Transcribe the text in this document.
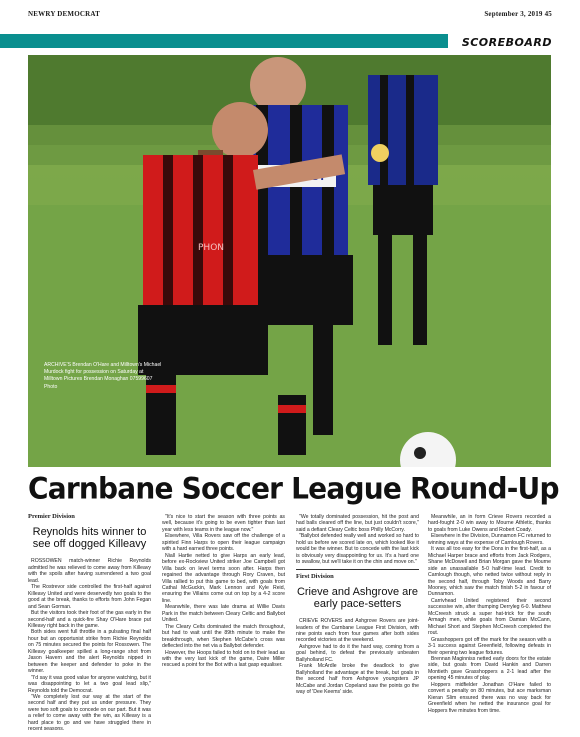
NEWRY DEMOCRAT	September 3, 2019 45
SCOREBOARD
PHON
ARCHIVE'S Brendan O'Hare and Milltown's Michael Murdock fight for possession on Saturday at Milltown Pictures Brendan Monaghan 07599607 Photo
Carnbane Soccer League Round-Up
Premier Division
Reynolds hits winner to see off dogged Killeavy

ROSSOWEN match-winner Richie Reynolds admitted he was relieved to come away from Killeavy with the spoils after having surrendered a two goal lead.

The Rostrevor side controlled the first-half against Killeavy United and were deservedly two goals to the good at the break, thanks to efforts from John Fegan and Sean Gorman.

But the visitors took their foot of the gas early in the second-half and a quick-fire Shay O'Hare brace put Killeavy right back in the game.

Both sides went full throttle in a pulsating final half hour but an opportunist strike from Richie Reynolds on 75 minutes secured the points for Rossowen. The Killeavy goalkeeper spilled a long-range shot from Jason Havern and the alert Reynolds nipped in between the keeper and defender to poke in the winner.

"I'd say it was good value for anyone watching, but it was disappointing to let a two goal lead slip," Reynolds told the Democrat.

"We completely lost our way at the start of the second half and they put us under pressure. They were two soft goals to concede on our part. But it was a relief to come away with the win, as Killeavy is a hard place to go and we have struggled there in recent seasons.

"It's nice to start the season with three points as well, because it's going to be even tighter than last year with less teams in the league now."

Elsewhere, Villa Rovers saw off the challenge of a spirited Finn Harps to open their league campaign with a hard earned three points.

Niall Hartie netted to give Harps an early lead, before ex-Rockview United striker Joe Campbell got Villa back on level terms soon after. Harps then regained the advantage through Rory Craven, but Villa rallied to put this game to bed, with goals from Cathal McGuckin, Mark Lennon and Kyle Reid, ensuring the Villains come out on top by a 4-2 score line.

Meanwhile, there was late drama at Willie Davis Park in the match between Cleary Celtic and Ballybot United.

The Cleary Celts dominated the match throughout, but had to wait until the 89th minute to make the breakthrough, when Stephen McCabe's cross was deflected into the net via a Ballybot defender.

However, the Hoops failed to hold on to their lead as with the very last kick of the game, Daire Miller rescued a point for the Bot with a last gasp equaliser.

"We totally dominated possession, hit the post and had balls cleared off the line, but just couldn't score," said a defiant Cleary Celtic boss Philly McCorry.

"Ballybot defended really well and worked so hard to hold us before we scored late on, which looked like it would be the winner. But to concede with the last kick is obviously very disappointing for us. It's a hard one to swallow, but we'll take it on the chin and move on."

First Division
Crieve and Ashgrove are early pace-setters

CRIEVE ROVERS and Ashgrove Rovers are joint-leaders of the Carnbane League First Division, with nine points each from four games after both sides recorded victories at the weekend.

Ashgrove had to do it the hard way, coming from a goal behind, to defeat the previously unbeaten Ballyholland FC.

Frank McArdle broke the deadlock to give Ballyholland the advantage at the break, but goals in the second half from Ashgrove youngsters JP McCabe and Jordan Copeland saw the points go the way of 'Dee Keems' side.

Meanwhile, an in form Crieve Rovers recorded a hard-fought 2-0 win away to Mourne Athletic, thanks to goals from Luke Owens and Robert Coady.

Elsewhere in the Division, Dunnamon FC returned to winning ways at the expense of Carnlough Rovers.

It was all too easy for the Dons in the first-half, as a Michael Harper brace and efforts from Jack Rodgers, Shane McDowell and Brian Morgan gave the Mourne side an unassailable 5-0 half-time lead. Credit to Carnlough though, who netted twice without reply in the second half, through Toby Woods and Barry Mooney, which saw the match finish 5-2 in favour of Dunnamon.

Carrivhead United registered their second successive win, after thumping Derryleg 6-0. Matthew McCreesh struck a super hat-trick for the south Armagh men, while goals from Damian McCann, Michael Short and Stephen McCreesh completed the rout.

Grasshoppers got off the mark for the season with a 3-1 success against Greenfield, following defeats in their opening two league fixtures.

Brennan Maginniss netted early doors for the estate side, but goals from David Hankin and Darren Montieth gave Grasshoppers a 2-1 lead after the opening 45 minutes of play.

Hoppers midfielder Jonathan O'Hare failed to convert a penalty on 80 minutes, but ace marksman Kieran Slim ensured there was no way back for Greenfield when he netted the insurance goal for Hoppers five minutes from time.
